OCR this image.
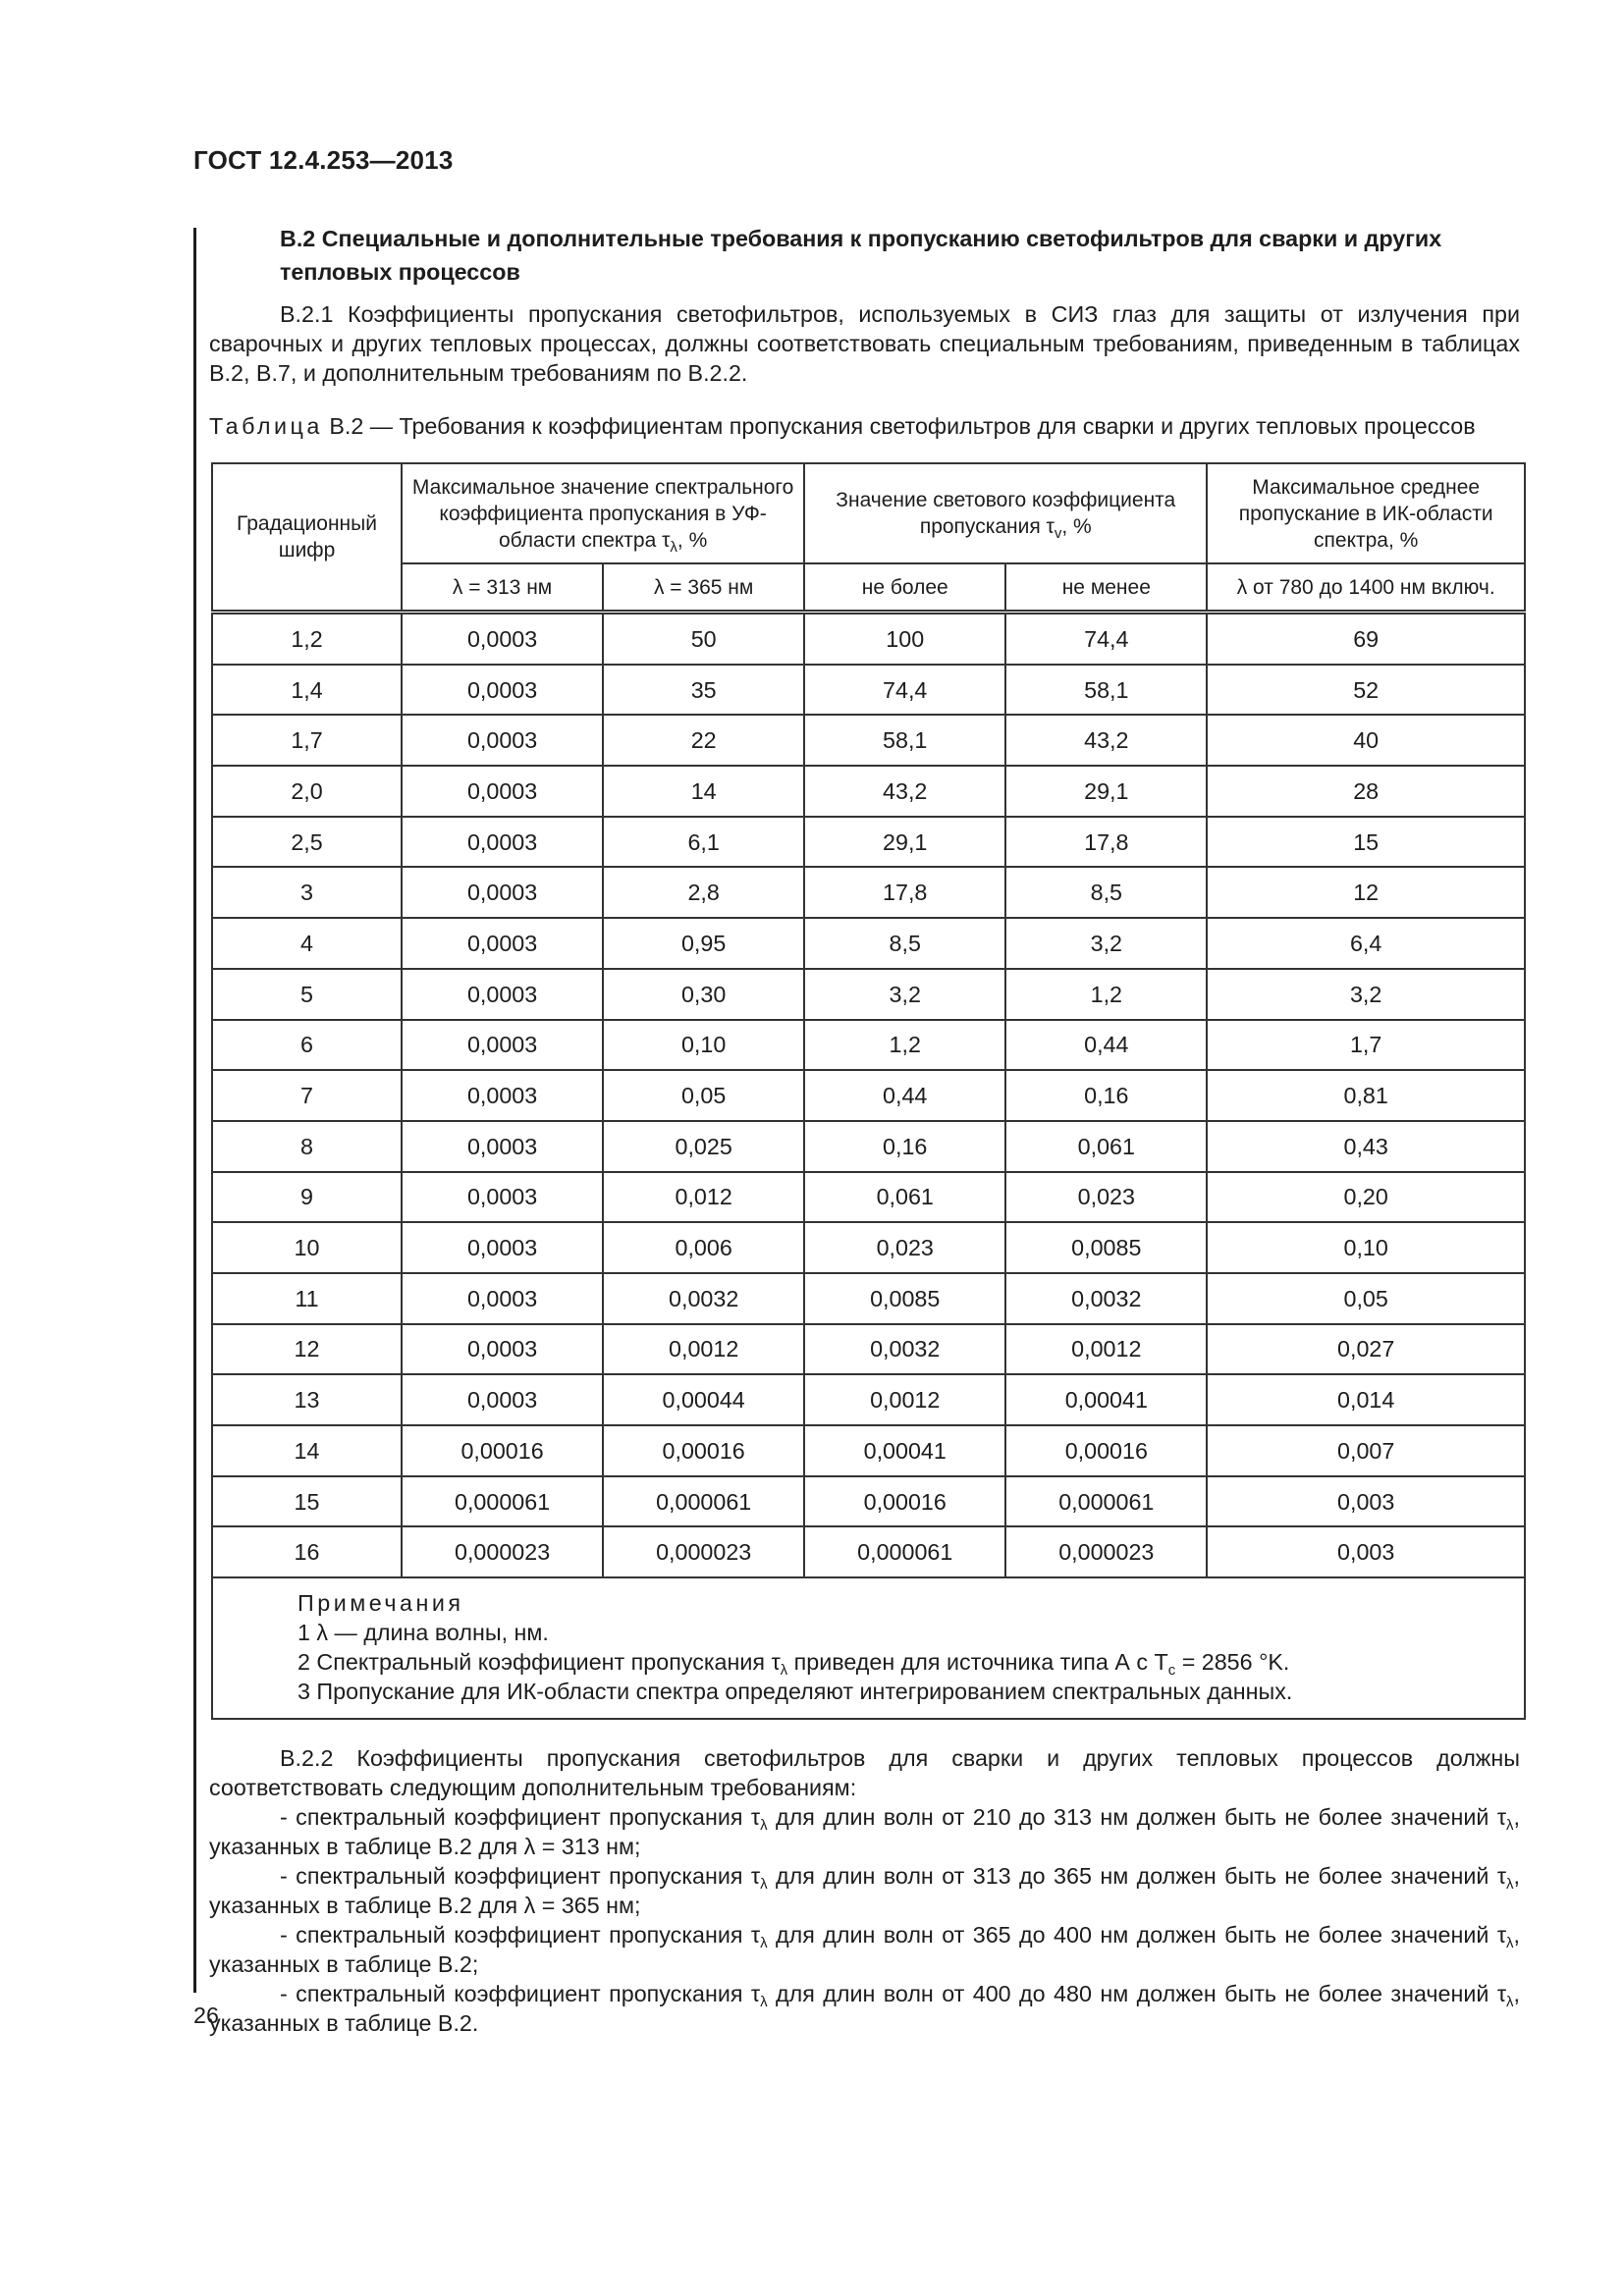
ГОСТ 12.4.253—2013

В.2 Специальные и дополнительные требования к пропусканию светофильтров для сварки и других тепловых процессов

В.2.1 Коэффициенты пропускания светофильтров, используемых в СИЗ глаз для защиты от излучения при сварочных и других тепловых процессах, должны соответствовать специальным требованиям, приведенным в таблицах В.2, В.7, и дополнительным требованиям по В.2.2.

Таблица В.2 — Требования к коэффициентам пропускания светофильтров для сварки и других тепловых процессов

Градационный шифр	Максимальное значение спектрального коэффициента пропускания в УФ-области спектра $\tau_\lambda$, %		Значение светового коэффициента пропускания $\tau_v$, %		Максимальное среднее пропускание в ИК-области спектра, %
	λ = 313 нм	λ = 365 нм	не более	не менее	λ от 780 до 1400 нм включ.
1,2	0,0003	50	100	74,4	69
1,4	0,0003	35	74,4	58,1	52
1,7	0,0003	22	58,1	43,2	40
2,0	0,0003	14	43,2	29,1	28
2,5	0,0003	6,1	29,1	17,8	15
3	0,0003	2,8	17,8	8,5	12
4	0,0003	0,95	8,5	3,2	6,4
5	0,0003	0,30	3,2	1,2	3,2
6	0,0003	0,10	1,2	0,44	1,7
7	0,0003	0,05	0,44	0,16	0,81
8	0,0003	0,025	0,16	0,061	0,43
9	0,0003	0,012	0,061	0,023	0,20
10	0,0003	0,006	0,023	0,0085	0,10
11	0,0003	0,0032	0,0085	0,0032	0,05
12	0,0003	0,0012	0,0032	0,0012	0,027
13	0,0003	0,00044	0,0012	0,00041	0,014
14	0,00016	0,00016	0,00041	0,00016	0,007
15	0,000061	0,000061	0,00016	0,000061	0,003
16	0,000023	0,000023	0,000061	0,000023	0,003

Примечания
1 λ — длина волны, нм.
2 Спектральный коэффициент пропускания $\tau_\lambda$ приведен для источника типа А с $T_c = 2856$ °K.
3 Пропускание для ИК-области спектра определяют интегрированием спектральных данных.					

В.2.2 Коэффициенты пропускания светофильтров для сварки и других тепловых процессов должны соответствовать следующим дополнительным требованиям:

- спектральный коэффициент пропускания $\tau_\lambda$ для длин волн от 210 до 313 нм должен быть не более значений $\tau_\lambda$, указанных в таблице В.2 для λ = 313 нм;

- спектральный коэффициент пропускания $\tau_\lambda$ для длин волн от 313 до 365 нм должен быть не более значений $\tau_\lambda$, указанных в таблице В.2 для λ = 365 нм;

- спектральный коэффициент пропускания $\tau_\lambda$ для длин волн от 365 до 400 нм должен быть не более значений $\tau_\lambda$, указанных в таблице В.2;

- спектральный коэффициент пропускания $\tau_\lambda$ для длин волн от 400 до 480 нм должен быть не более значений $\tau_\lambda$, указанных в таблице В.2.

26
